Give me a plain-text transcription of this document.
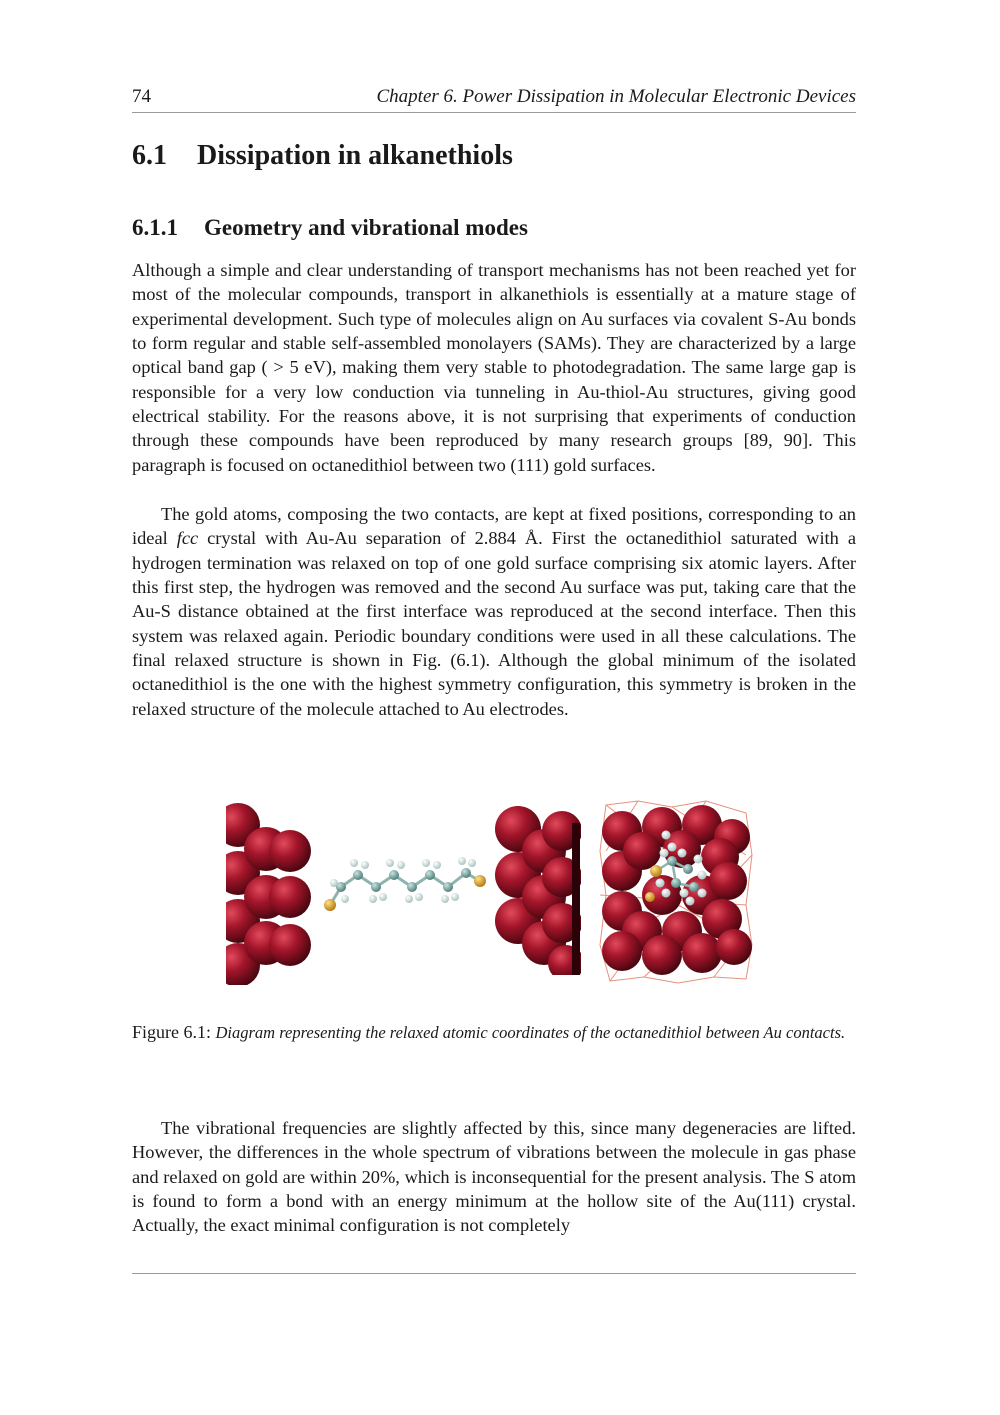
74	Chapter 6. Power Dissipation in Molecular Electronic Devices
6.1 Dissipation in alkanethiols
6.1.1 Geometry and vibrational modes

Although a simple and clear understanding of transport mechanisms has not been reached yet for most of the molecular compounds, transport in alkanethiols is essentially at a mature stage of experimental development. Such type of molecules align on Au surfaces via covalent S-Au bonds to form regular and stable self-assembled monolayers (SAMs). They are characterized by a large optical band gap ( > 5 eV), making them very stable to photodegradation. The same large gap is responsible for a very low conduction via tunneling in Au-thiol-Au structures, giving good electrical stability. For the reasons above, it is not surprising that experiments of conduction through these compounds have been reproduced by many research groups [89, 90]. This paragraph is focused on octanedithiol between two (111) gold surfaces.

The gold atoms, composing the two contacts, are kept at fixed positions, corresponding to an ideal fcc crystal with Au-Au separation of 2.884 Å. First the octanedithiol saturated with a hydrogen termination was relaxed on top of one gold surface comprising six atomic layers. After this first step, the hydrogen was removed and the second Au surface was put, taking care that the Au-S distance obtained at the first interface was reproduced at the second interface. Then this system was relaxed again. Periodic boundary conditions were used in all these calculations. The final relaxed structure is shown in Fig. (6.1). Although the global minimum of the isolated octanedithiol is the one with the highest symmetry configuration, this symmetry is broken in the relaxed structure of the molecule attached to Au electrodes.

Figure 6.1: Diagram representing the relaxed atomic coordinates of the octanedithiol between Au contacts.

The vibrational frequencies are slightly affected by this, since many degeneracies are lifted. However, the differences in the whole spectrum of vibrations between the molecule in gas phase and relaxed on gold are within 20%, which is inconsequential for the present analysis. The S atom is found to form a bond with an energy minimum at the hollow site of the Au(111) crystal. Actually, the exact minimal configuration is not completely
